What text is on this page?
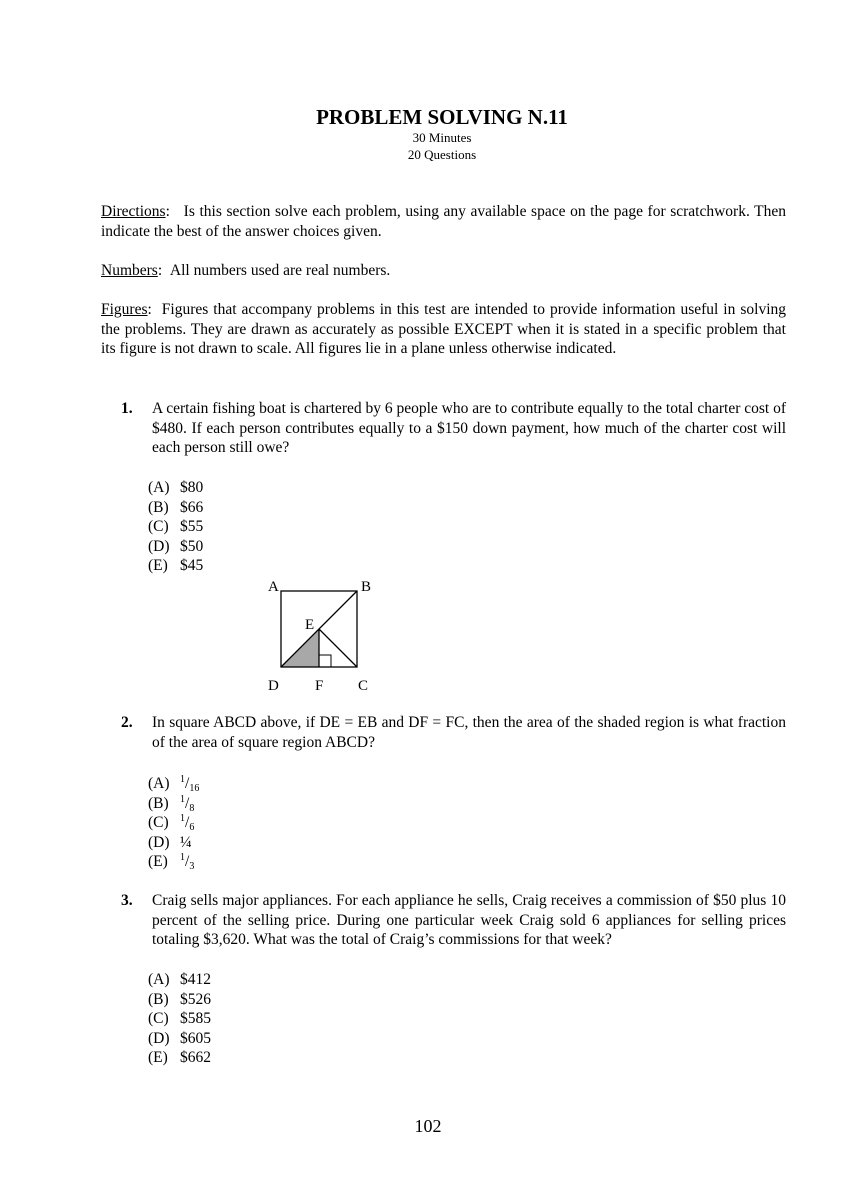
PROBLEM SOLVING N.11
30 Minutes
20 Questions
Directions:   Is this section solve each problem, using any available space on the page for scratchwork. Then indicate the best of the answer choices given.
Numbers:  All numbers used are real numbers.
Figures:  Figures that accompany problems in this test are intended to provide information useful in solving the problems. They are drawn as accurately as possible EXCEPT when it is stated in a specific problem that its figure is not drawn to scale. All figures lie in a plane unless otherwise indicated.
1. A certain fishing boat is chartered by 6 people who are to contribute equally to the total charter cost of $480. If each person contributes equally to a $150 down payment, how much of the charter cost will each person still owe?
(A) $80
(B) $66
(C) $55
(D) $50
(E) $45
A	B
E
D F C
2. In square ABCD above, if DE = EB and DF = FC, then the area of the shaded region is what fraction of the area of square region ABCD?
(A) $^1/_{16}$
(B) $^1/_8$
(C) $^1/_6$
(D) ¼
(E) $^1/_3$
3. Craig sells major appliances. For each appliance he sells, Craig receives a commission of $50 plus 10 percent of the selling price. During one particular week Craig sold 6 appliances for selling prices totaling $3,620. What was the total of Craig’s commissions for that week?
(A) $412
(B) $526
(C) $585
(D) $605
(E) $662
102
